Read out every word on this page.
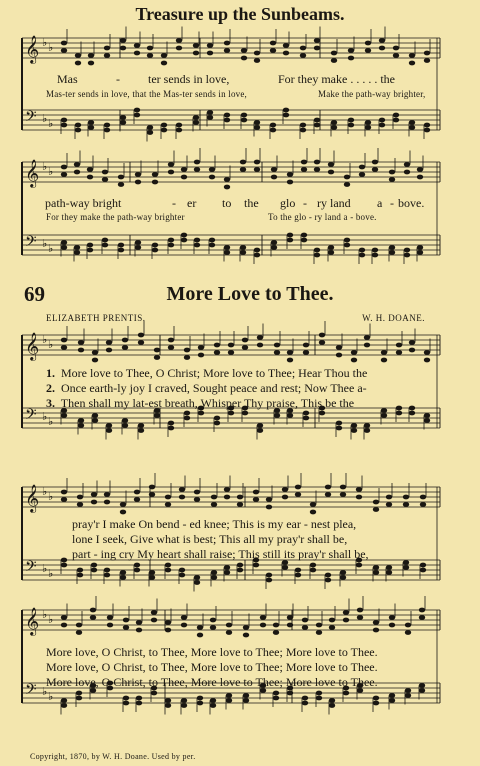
Treasure up the Sunbeams.
69	More Love to Thee.
ELIZABETH PRENTIS.	W. H. DOANE.
𝄞
𝄢
♭
♭
♭
♭
𝄞
𝄢
♭
♭
♭
♭
𝄞
𝄢
♭
♭
♭
♭
𝄞
𝄢
♭
♭
♭
♭
𝄞
𝄢
♭
♭
♭
♭
Mas	- ter sends in love,	For they make . . . . . the
Mas-ter sends in love, that the Mas-ter sends in love,	Make the path-way brighter,
path-way bright	- er to the glo - ry land a - bove.
For they make the path-way brighter	To the glo - ry land a - bove.
1. More love to Thee, O Christ; More love to Thee; Hear Thou the
2. Once earth-ly joy I craved, Sought peace and rest; Now Thee a-
3. Then shall my lat-est breath, Whisper Thy praise, This be the
pray'r I make On bend - ed knee; This is my ear - nest plea,
lone I seek, Give what is best; This all my pray'r shall be,
part - ing cry My heart shall raise; This still its pray'r shall be,
More love, O Christ, to Thee, More love to Thee; More love to Thee.
More love, O Christ, to Thee, More love to Thee; More love to Thee.
More love, O Christ, to Thee, More love to Thee; More love to Thee.
Copyright, 1870, by W. H. Doane. Used by per.
